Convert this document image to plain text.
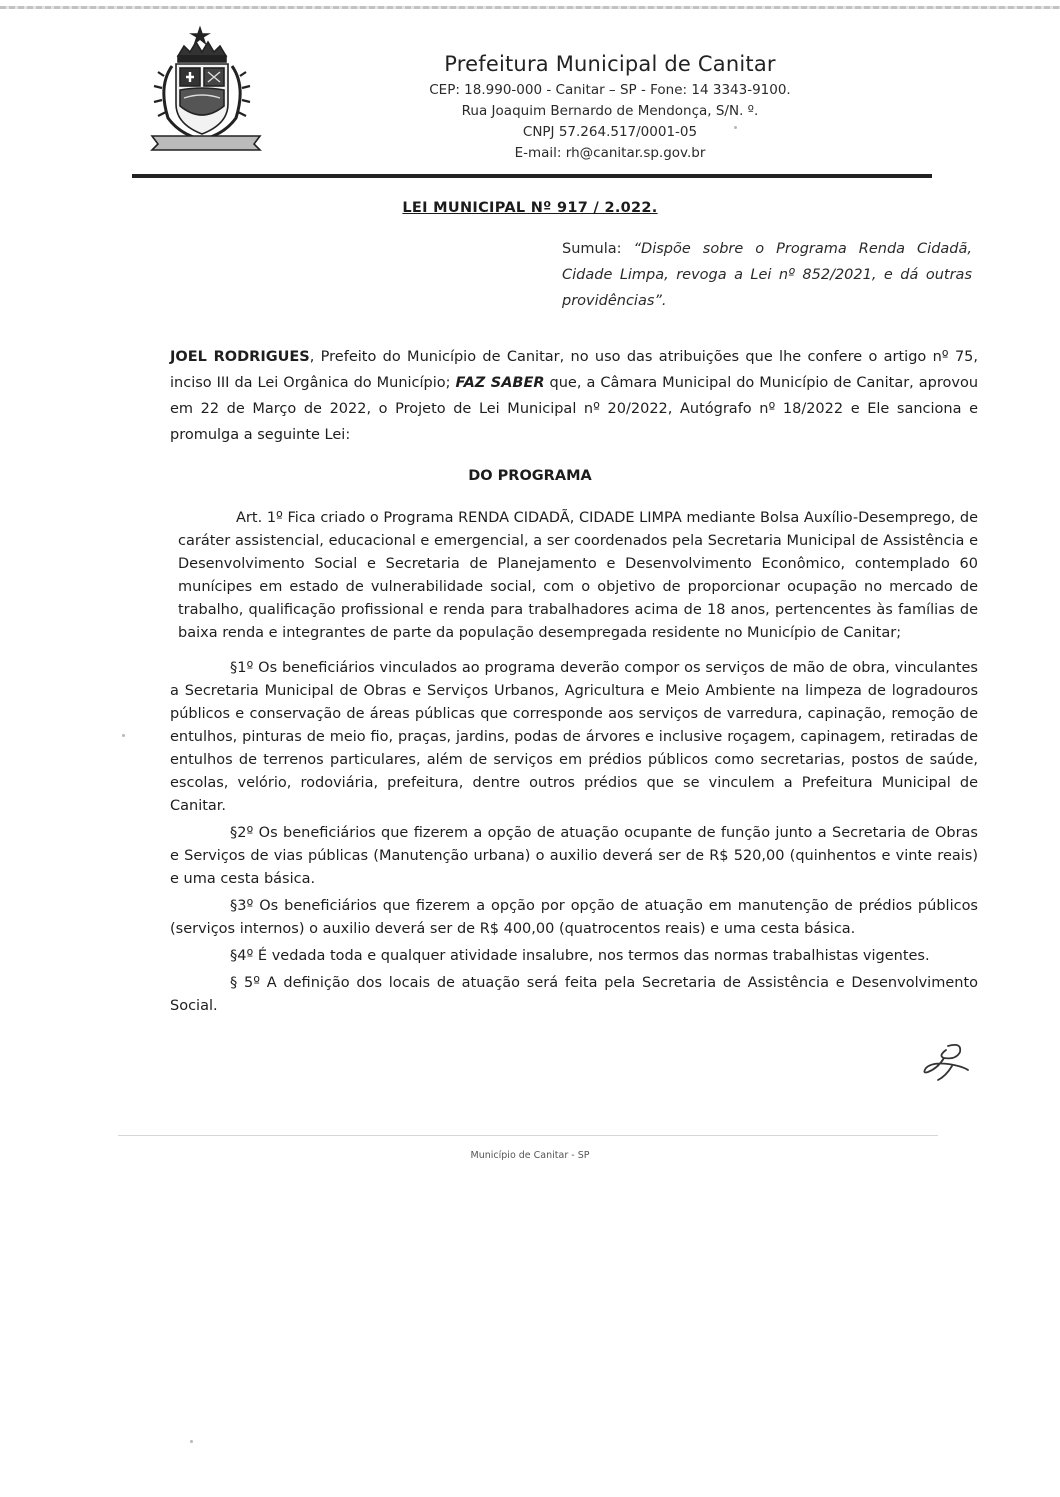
Prefeitura Municipal de Canitar
CEP: 18.990-000 - Canitar – SP - Fone: 14 3343-9100.
Rua Joaquim Bernardo de Mendonça, S/N. º.
CNPJ 57.264.517/0001-05
E-mail: rh@canitar.sp.gov.br
LEI MUNICIPAL Nº 917 / 2.022.
Sumula: “Dispõe sobre o Programa Renda Cidadã, Cidade Limpa, revoga a Lei nº 852/2021, e dá outras providências”.
JOEL RODRIGUES, Prefeito do Município de Canitar, no uso das atribuições que lhe confere o artigo nº 75, inciso III da Lei Orgânica do Município; FAZ SABER que, a Câmara Municipal do Município de Canitar, aprovou em 22 de Março de 2022, o Projeto de Lei Municipal nº 20/2022, Autógrafo nº 18/2022 e Ele sanciona e promulga a seguinte Lei:
DO PROGRAMA
Art. 1º Fica criado o Programa RENDA CIDADÃ, CIDADE LIMPA mediante Bolsa Auxílio-Desemprego, de caráter assistencial, educacional e emergencial, a ser coordenados pela Secretaria Municipal de Assistência e Desenvolvimento Social e Secretaria de Planejamento e Desenvolvimento Econômico, contemplado 60 munícipes em estado de vulnerabilidade social, com o objetivo de proporcionar ocupação no mercado de trabalho, qualificação profissional e renda para trabalhadores acima de 18 anos, pertencentes às famílias de baixa renda e integrantes de parte da população desempregada residente no Município de Canitar;

§1º Os beneficiários vinculados ao programa deverão compor os serviços de mão de obra, vinculantes a Secretaria Municipal de Obras e Serviços Urbanos, Agricultura e Meio Ambiente na limpeza de logradouros públicos e conservação de áreas públicas que corresponde aos serviços de varredura, capinação, remoção de entulhos, pinturas de meio fio, praças, jardins, podas de árvores e inclusive roçagem, capinagem, retiradas de entulhos de terrenos particulares, além de serviços em prédios públicos como secretarias, postos de saúde, escolas, velório, rodoviária, prefeitura, dentre outros prédios que se vinculem a Prefeitura Municipal de Canitar.

§2º Os beneficiários que fizerem a opção de atuação ocupante de função junto a Secretaria de Obras e Serviços de vias públicas (Manutenção urbana) o auxilio deverá ser de R$ 520,00 (quinhentos e vinte reais) e uma cesta básica.

§3º Os beneficiários que fizerem a opção por opção de atuação em manutenção de prédios públicos (serviços internos) o auxilio deverá ser de R$ 400,00 (quatrocentos reais) e uma cesta básica.

§4º É vedada toda e qualquer atividade insalubre, nos termos das normas trabalhistas vigentes.

§ 5º A definição dos locais de atuação será feita pela Secretaria de Assistência e Desenvolvimento Social.

Município de Canitar - SP
